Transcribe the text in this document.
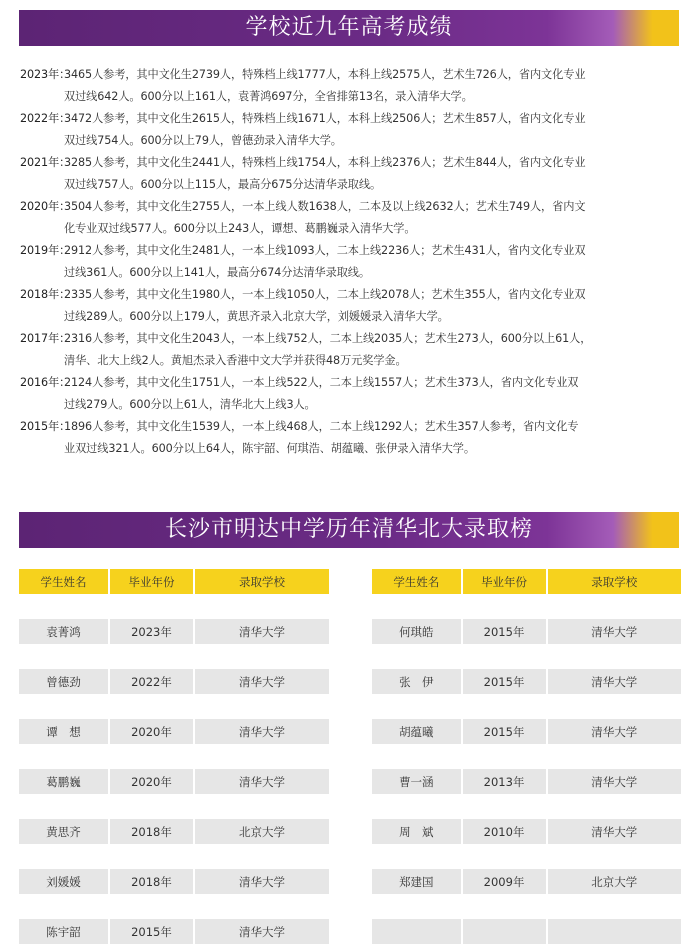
学校近九年高考成绩
2023年：
3465人参考，其中文化生2739人，特殊档上线1777人，本科上线2575人，艺术生726人，省内文化专业
双过线642人。600分以上161人，袁菁鸿697分，全省排第13名，录入清华大学。
2022年：
3472人参考，其中文化生2615人，特殊档上线1671人，本科上线2506人；艺术生857人，省内文化专业
双过线754人。600分以上79人，曾德劲录入清华大学。
2021年：
3285人参考，其中文化生2441人，特殊档上线1754人，本科上线2376人；艺术生844人，省内文化专业
双过线757人。600分以上115人，最高分675分达清华录取线。
2020年：
3504人参考，其中文化生2755人，一本上线人数1638人，二本及以上线2632人；艺术生749人，省内文
化专业双过线577人。600分以上243人，谭想、葛鹏巍录入清华大学。
2019年：
2912人参考，其中文化生2481人，一本上线1093人，二本上线2236人；艺术生431人，省内文化专业双
过线361人。600分以上141人，最高分674分达清华录取线。
2018年：
2335人参考，其中文化生1980人，一本上线1050人，二本上线2078人；艺术生355人，省内文化专业双
过线289人。600分以上179人，黄思齐录入北京大学，刘媛媛录入清华大学。
2017年：
2316人参考，其中文化生2043人，一本上线752人，二本上线2035人；艺术生273人，600分以上61人，
清华、北大上线2人。黄旭杰录入香港中文大学并获得48万元奖学金。
2016年：
2124人参考，其中文化生1751人，一本上线522人，二本上线1557人；艺术生373人，省内文化专业双
过线279人。600分以上61人，清华北大上线3人。
2015年：
1896人参考，其中文化生1539人，一本上线468人，二本上线1292人；艺术生357人参考，省内文化专
业双过线321人。600分以上64人，陈宇韶、何琪浩、胡蕴曦、张伊录入清华大学。
长沙市明达中学历年清华北大录取榜
学生姓名	毕业年份	录取学校

袁菁鸿	2023年	清华大学

曾德劲	2022年	清华大学

谭　想	2020年	清华大学

葛鹏巍	2020年	清华大学

黄思齐	2018年	北京大学

刘媛媛	2018年	清华大学

陈宇韶	2015年	清华大学
学生姓名	毕业年份	录取学校

何琪皓	2015年	清华大学

张　伊	2015年	清华大学

胡蕴曦	2015年	清华大学

曹一涵	2013年	清华大学

周　斌	2010年	清华大学

郑建国	2009年	北京大学
